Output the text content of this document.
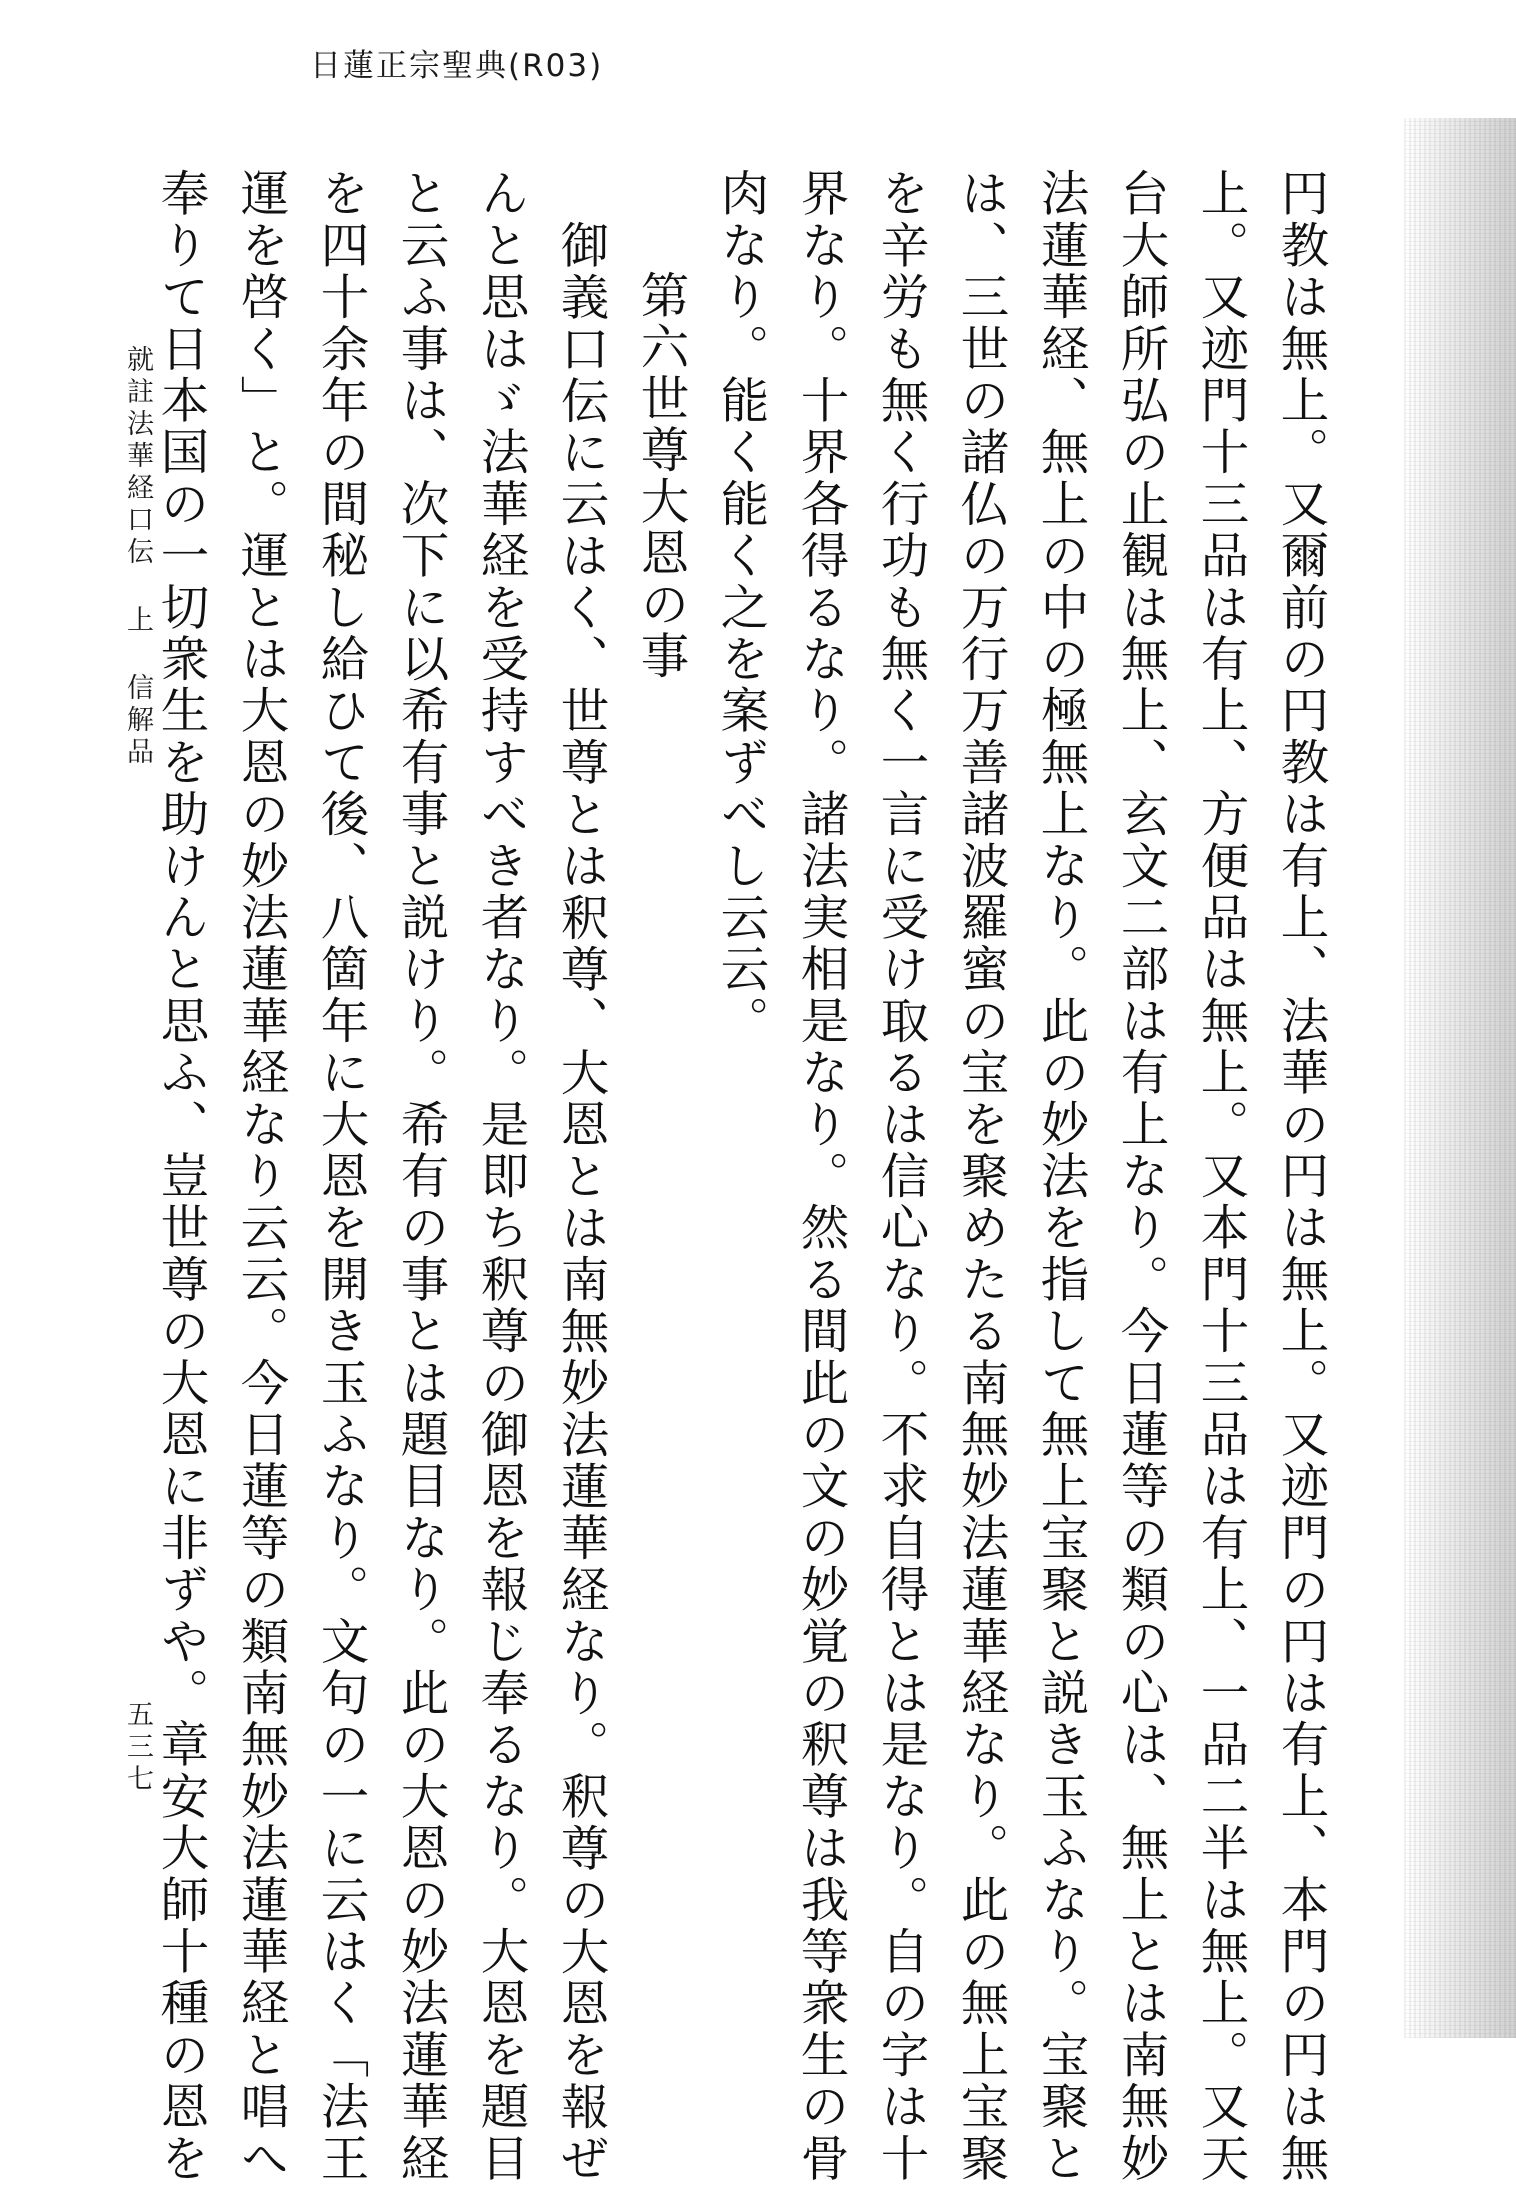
日蓮正宗聖典(R03)
円教は無上。又爾前の円教は有上、法華の円は無上。又迹門の円は有上、本門の円は無
上。又迹門十三品は有上、方便品は無上。又本門十三品は有上、一品二半は無上。又天
台大師所弘の止観は無上、玄文二部は有上なり。今日蓮等の類の心は、無上とは南無妙
法蓮華経、無上の中の極無上なり。此の妙法を指して無上宝聚と説き玉ふなり。宝聚と
は、三世の諸仏の万行万善諸波羅蜜の宝を聚めたる南無妙法蓮華経なり。此の無上宝聚
を辛労も無く行功も無く一言に受け取るは信心なり。不求自得とは是なり。自の字は十
界なり。十界各得るなり。諸法実相是なり。然る間此の文の妙覚の釈尊は我等衆生の骨
肉なり。能く能く之を案ずべし云云。
第六世尊大恩の事
御義口伝に云はく、世尊とは釈尊、大恩とは南無妙法蓮華経なり。釈尊の大恩を報ぜ
んと思はゞ法華経を受持すべき者なり。是即ち釈尊の御恩を報じ奉るなり。大恩を題目
と云ふ事は、次下に以希有事と説けり。希有の事とは題目なり。此の大恩の妙法蓮華経
を四十余年の間秘し給ひて後、八箇年に大恩を開き玉ふなり。文句の一に云はく「法王
運を啓く」と。運とは大恩の妙法蓮華経なり云云。今日蓮等の類南無妙法蓮華経と唱へ
奉りて日本国の一切衆生を助けんと思ふ、豈世尊の大恩に非ずや。章安大師十種の恩を
就註法華経口伝 上 信解品
五三七
